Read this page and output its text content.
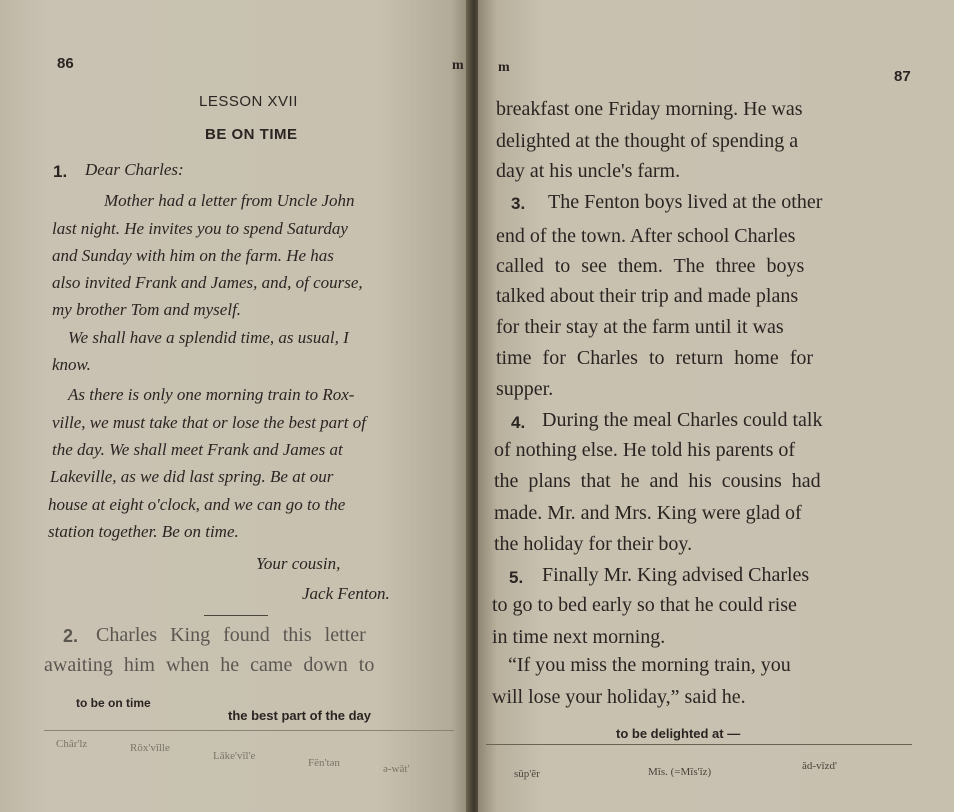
86	m
LESSON XVII
BE ON TIME
1. Dear Charles:
Mother had a letter from Uncle John
last night. He invites you to spend Saturday
and Sunday with him on the farm. He has
also invited Frank and James, and, of course,
my brother Tom and myself.
We shall have a splendid time, as usual, I
know.
As there is only one morning train to Rox-
ville, we must take that or lose the best part of
the day. We shall meet Frank and James at
Lakeville, as we did last spring. Be at our
house at eight o'clock, and we can go to the
station together. Be on time.
Your cousin,
Jack Fenton.
2. Charles King found this letter
awaiting him when he came down to
to be on time
the best part of the day
Châr'lz	Rŏx'vĭlle
Lāke'vĭl'e
Fĕn'tən	ə-wāt'
m
87
breakfast one Friday morning. He was
delighted at the thought of spending a
day at his uncle's farm.
3. The Fenton boys lived at the other
end of the town. After school Charles
called to see them. The three boys
talked about their trip and made plans
for their stay at the farm until it was
time for Charles to return home for
supper.
4. During the meal Charles could talk
of nothing else. He told his parents of
the plans that he and his cousins had
made. Mr. and Mrs. King were glad of
the holiday for their boy.
5. Finally Mr. King advised Charles
to go to bed early so that he could rise
in time next morning.
“If you miss the morning train, you
will lose your holiday,” said he.
to be delighted at —
sŭp'ẽr	Mĭs. (=Mĭs'ĭz)	ăd-vīzd'
